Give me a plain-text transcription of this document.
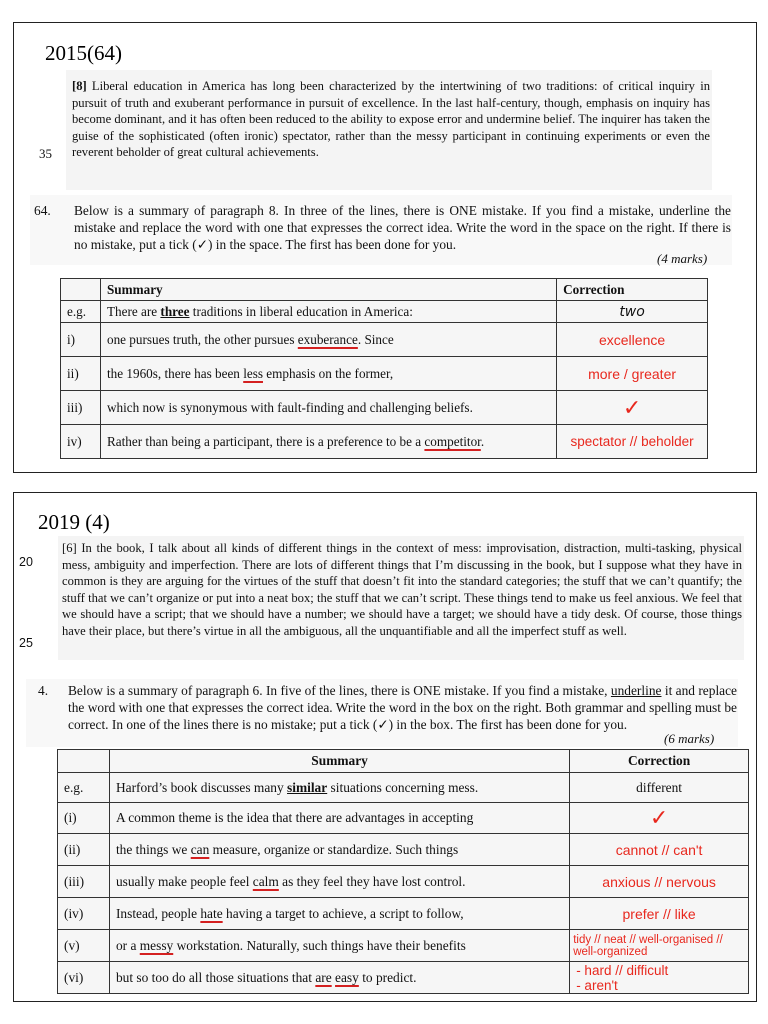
2015(64)
[8] Liberal education in America has long been characterized by the intertwining of two traditions: of critical inquiry in pursuit of truth and exuberant performance in pursuit of excellence. In the last half-century, though, emphasis on inquiry has become dominant, and it has often been reduced to the ability to expose error and undermine belief. The inquirer has taken the guise of the sophisticated (often ironic) spectator, rather than the messy participant in continuing experiments or even the reverent beholder of great cultural achievements.
35
64. Below is a summary of paragraph 8. In three of the lines, there is ONE mistake. If you find a mistake, underline the mistake and replace the word with one that expresses the correct idea. Write the word in the space on the right. If there is no mistake, put a tick (✓) in the space. The first has been done for you.
(4 marks)
	Summary	Correction
e.g.	There are three traditions in liberal education in America:	two
i)	one pursues truth, the other pursues exuberance. Since	excellence
ii)	the 1960s, there has been less emphasis on the former,	more / greater
iii)	which now is synonymous with fault-finding and challenging beliefs.	✓
iv)	Rather than being a participant, there is a preference to be a competitor.	spectator // beholder
2019 (4)
[6] In the book, I talk about all kinds of different things in the context of mess: improvisation, distraction, multi-tasking, physical mess, ambiguity and imperfection. There are lots of different things that I’m discussing in the book, but I suppose what they have in common is they are arguing for the virtues of the stuff that doesn’t fit into the standard categories; the stuff that we can’t quantify; the stuff that we can’t organize or put into a neat box; the stuff that we can’t script. These things tend to make us feel anxious. We feel that we should have a script; that we should have a number; we should have a target; we should have a tidy desk. Of course, those things have their place, but there’s virtue in all the ambiguous, all the unquantifiable and all the imperfect stuff as well.
20
25
4. Below is a summary of paragraph 6. In five of the lines, there is ONE mistake. If you find a mistake, underline it and replace the word with one that expresses the correct idea. Write the word in the box on the right. Both grammar and spelling must be correct. In one of the lines there is no mistake; put a tick (✓) in the box. The first has been done for you.
(6 marks)
	Summary	Correction
e.g.	Harford’s book discusses many similar situations concerning mess.	different
(i)	A common theme is the idea that there are advantages in accepting	✓
(ii)	the things we can measure, organize or standardize. Such things	cannot // can't
(iii)	usually make people feel calm as they feel they have lost control.	anxious // nervous
(iv)	Instead, people hate having a target to achieve, a script to follow,	prefer // like
(v)	or a messy workstation. Naturally, such things have their benefits	tidy // neat // well-organised // well-organized
(vi)	but so too do all those situations that are easy to predict.	- hard // difficult
- aren't
